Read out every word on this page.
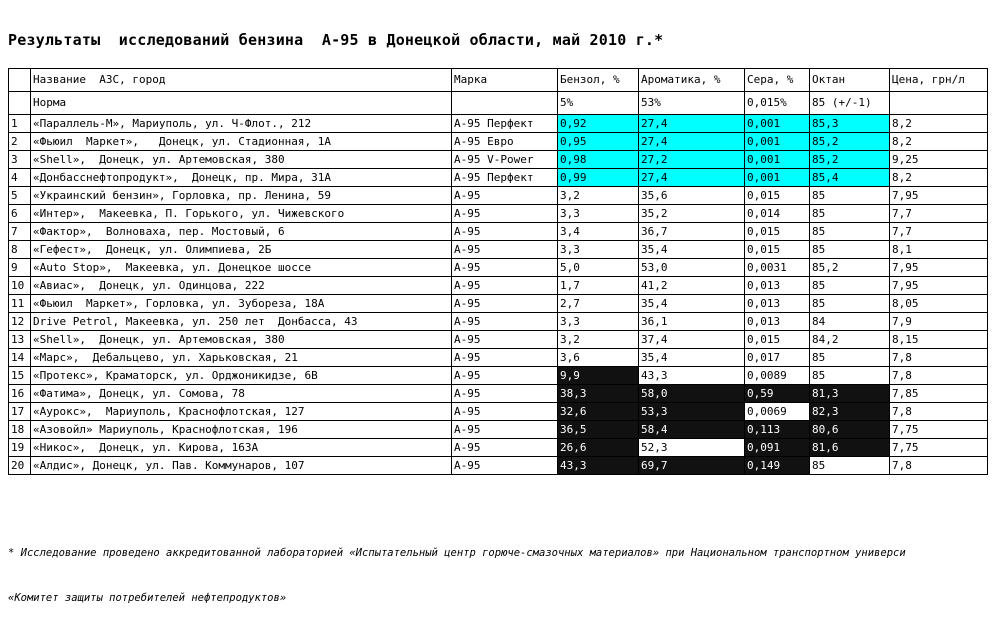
Результаты  исследований бензина  А-95 в Донецкой области, май 2010 г.*
	Название  АЗС, город	Марка	Бензол, %	Ароматика, %	Сера, %	Октан	Цена, грн/л
	Норма		5%	53%	0,015%	85 (+/-1)	
1	«Параллель-М», Мариуполь, ул. Ч-Флот., 212	А-95 Перфект	0,92	27,4	0,001	85,3	8,2
2	«Фьюил  Маркет»,   Донецк, ул. Стадионная, 1А	А-95 Евро	0,95	27,4	0,001	85,2	8,2
3	«Shell»,  Донецк, ул. Артемовская, 380	А-95 V-Power	0,98	27,2	0,001	85,2	9,25
4	«Донбасснефтопродукт»,  Донецк, пр. Мира, 31А	А-95 Перфект	0,99	27,4	0,001	85,4	8,2
5	«Украинский бензин», Горловка, пр. Ленина, 59	А-95	3,2	35,6	0,015	85	7,95
6	«Интер»,  Макеевка, П. Горького, ул. Чижевского	А-95	3,3	35,2	0,014	85	7,7
7	«Фактор»,  Волноваха, пер. Мостовый, 6	А-95	3,4	36,7	0,015	85	7,7
8	«Гефест»,  Донецк, ул. Олимпиева, 2Б	А-95	3,3	35,4	0,015	85	8,1
9	«Auto Stop»,  Макеевка, ул. Донецкое шоссе	А-95	5,0	53,0	0,0031	85,2	7,95
10	«Авиас»,  Донецк, ул. Одинцова, 222	А-95	1,7	41,2	0,013	85	7,95
11	«Фьюил  Маркет», Горловка, ул. Зубореза, 18А	А-95	2,7	35,4	0,013	85	8,05
12	Drive Petrol, Макеевка, ул. 250 лет  Донбасса, 43	А-95	3,3	36,1	0,013	84	7,9
13	«Shell»,  Донецк, ул. Артемовская, 380	А-95	3,2	37,4	0,015	84,2	8,15
14	«Марс»,  Дебальцево, ул. Харьковская, 21	А-95	3,6	35,4	0,017	85	7,8
15	«Протекс», Краматорск, ул. Орджоникидзе, 6В	А-95	9,9	43,3	0,0089	85	7,8
16	«Фатима», Донецк, ул. Сомова, 78	А-95	38,3	58,0	0,59	81,3	7,85
17	«Аурокс»,  Мариуполь, Краснофлотская, 127	А-95	32,6	53,3	0,0069	82,3	7,8
18	«Азовойл» Мариуполь, Краснофлотская, 196	А-95	36,5	58,4	0,113	80,6	7,75
19	«Никос»,  Донецк, ул. Кирова, 163А	А-95	26,6	52,3	0,091	81,6	7,75
20	«Алдис», Донецк, ул. Пав. Коммунаров, 107	А-95	43,3	69,7	0,149	85	7,8

* Исследование проведено аккредитованной лабораторией «Испытательный центр горюче-смазочных материалов» при Национальном транспортном универси

«Комитет защиты потребителей нефтепродуктов»
